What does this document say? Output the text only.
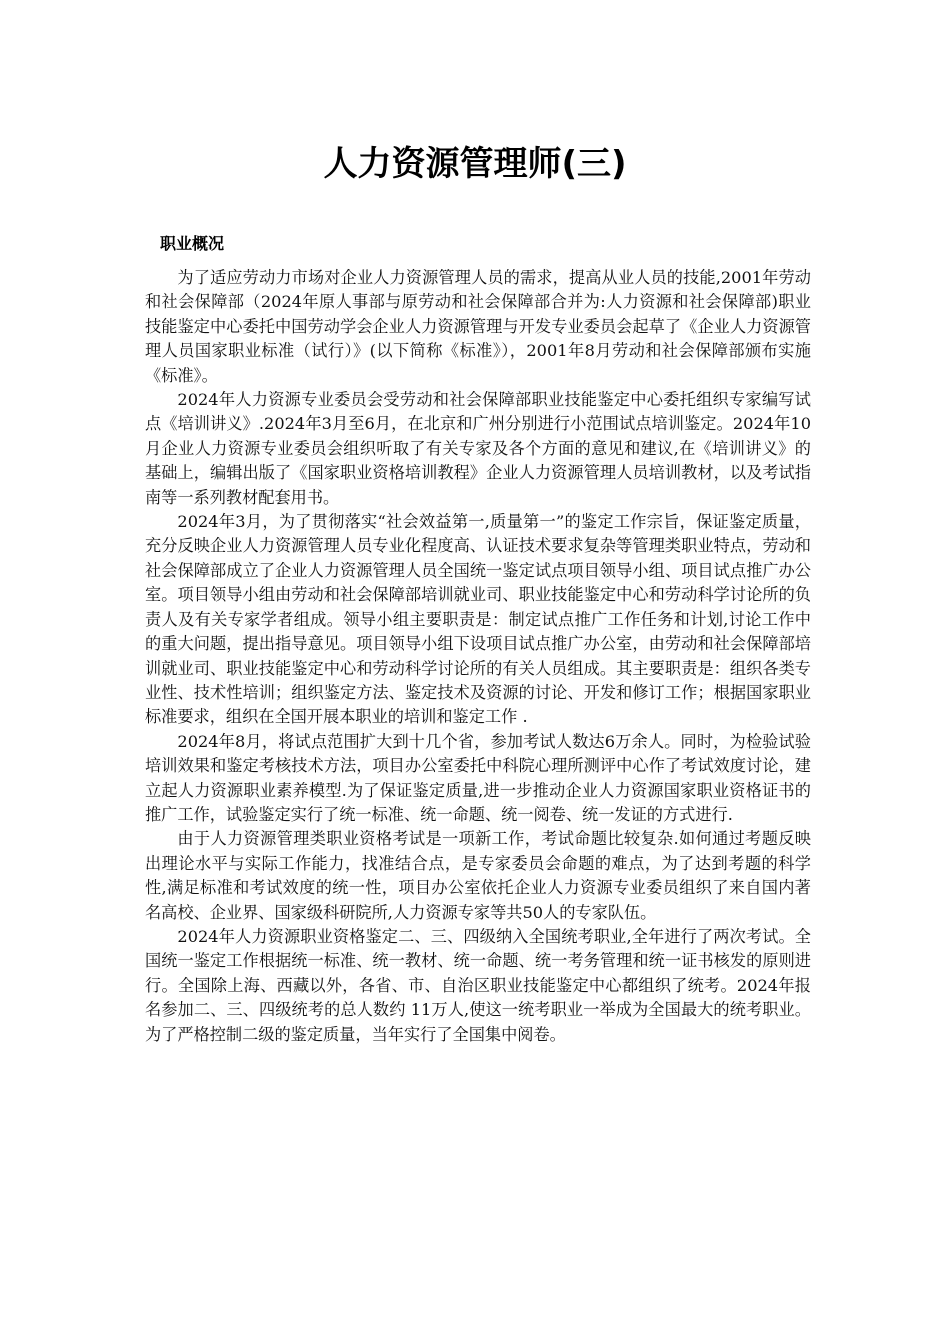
人力资源管理师(三)
职业概况

为了适应劳动力市场对企业人力资源管理人员的需求，提高从业人员的技能,2001年劳动和社会保障部（2024年原人事部与原劳动和社会保障部合并为:人力资源和社会保障部)职业技能鉴定中心委托中国劳动学会企业人力资源管理与开发专业委员会起草了《企业人力资源管理人员国家职业标准（试行）》(以下简称《标准》），2001年8月劳动和社会保障部颁布实施《标准》。

2024年人力资源专业委员会受劳动和社会保障部职业技能鉴定中心委托组织专家编写试点《培训讲义》.2024年3月至6月，在北京和广州分别进行小范围试点培训鉴定。2024年10月企业人力资源专业委员会组织听取了有关专家及各个方面的意见和建议,在《培训讲义》的基础上，编辑出版了《国家职业资格培训教程》企业人力资源管理人员培训教材，以及考试指南等一系列教材配套用书。

2024年3月，为了贯彻落实“社会效益第一,质量第一”的鉴定工作宗旨，保证鉴定质量，充分反映企业人力资源管理人员专业化程度高、认证技术要求复杂等管理类职业特点，劳动和社会保障部成立了企业人力资源管理人员全国统一鉴定试点项目领导小组、项目试点推广办公室。项目领导小组由劳动和社会保障部培训就业司、职业技能鉴定中心和劳动科学讨论所的负责人及有关专家学者组成。领导小组主要职责是：制定试点推广工作任务和计划,讨论工作中的重大问题，提出指导意见。项目领导小组下设项目试点推广办公室，由劳动和社会保障部培训就业司、职业技能鉴定中心和劳动科学讨论所的有关人员组成。其主要职责是：组织各类专业性、技术性培训；组织鉴定方法、鉴定技术及资源的讨论、开发和修订工作；根据国家职业标准要求，组织在全国开展本职业的培训和鉴定工作 .

2024年8月，将试点范围扩大到十几个省，参加考试人数达6万余人。同时，为检验试验培训效果和鉴定考核技术方法，项目办公室委托中科院心理所测评中心作了考试效度讨论，建立起人力资源职业素养模型.为了保证鉴定质量,进一步推动企业人力资源国家职业资格证书的推广工作，试验鉴定实行了统一标准、统一命题、统一阅卷、统一发证的方式进行.

由于人力资源管理类职业资格考试是一项新工作，考试命题比较复杂.如何通过考题反映出理论水平与实际工作能力，找准结合点，是专家委员会命题的难点，为了达到考题的科学性,满足标准和考试效度的统一性，项目办公室依托企业人力资源专业委员组织了来自国内著名高校、企业界、国家级科研院所,人力资源专家等共50人的专家队伍。

2024年人力资源职业资格鉴定二、三、四级纳入全国统考职业,全年进行了两次考试。全国统一鉴定工作根据统一标准、统一教材、统一命题、统一考务管理和统一证书核发的原则进行。全国除上海、西藏以外，各省、市、自治区职业技能鉴定中心都组织了统考。2024年报名参加二、三、四级统考的总人数约 11万人,使这一统考职业一举成为全国最大的统考职业。为了严格控制二级的鉴定质量，当年实行了全国集中阅卷。
